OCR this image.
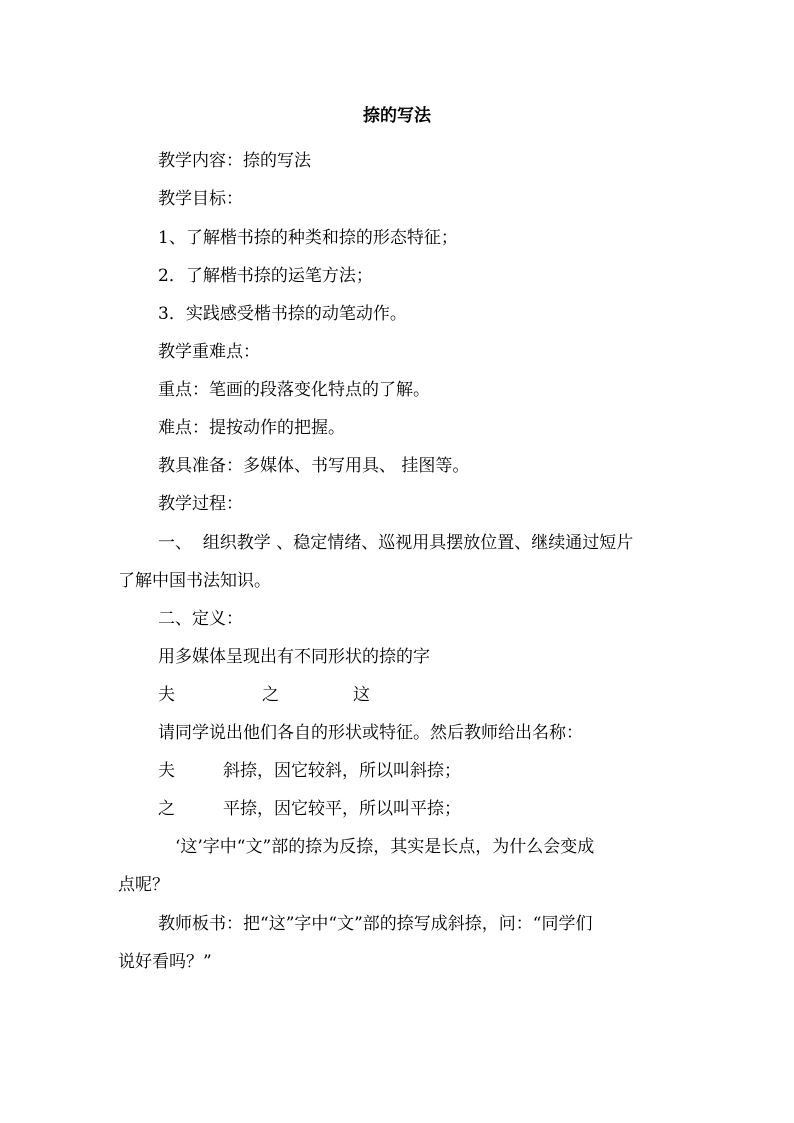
捺的写法
教学内容：捺的写法
教学目标：
1、了解楷书捺的种类和捺的形态特征；
2．了解楷书捺的运笔方法；
3．实践感受楷书捺的动笔动作。
教学重难点：
重点：笔画的段落变化特点的了解。
难点：提按动作的把握。
教具准备：多媒体、书写用具、 挂图等。
教学过程：
一、  组织教学 、稳定情绪、巡视用具摆放位置、继续通过短片
了解中国书法知识。
二、定义：
用多媒体呈现出有不同形状的捺的字
夫	之	这
请同学说出他们各自的形状或特征。然后教师给出名称：
夫	斜捺，因它较斜，所以叫斜捺；
之	平捺，因它较平，所以叫平捺；
‘这’字中“文”部的捺为反捺，其实是长点，为什么会变成
点呢？
教师板书：把“这”字中“文”部的捺写成斜捺，问：“同学们
说好看吗？”
